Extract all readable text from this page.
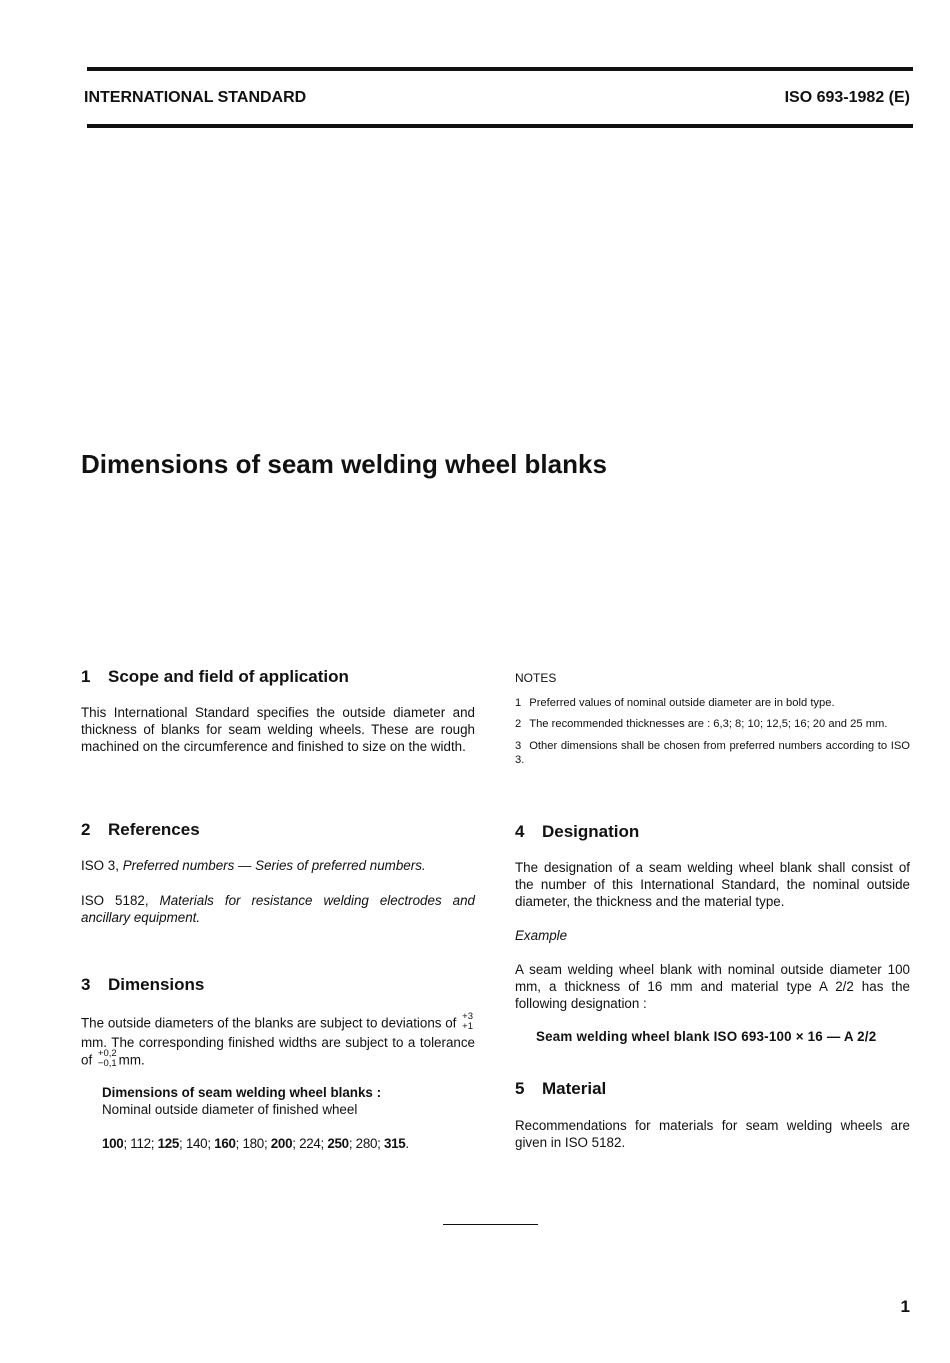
INTERNATIONAL STANDARD	ISO 693-1982 (E)
Dimensions of seam welding wheel blanks
1 Scope and field of application

This International Standard specifies the outside diameter and thickness of blanks for seam welding wheels. These are rough machined on the circumference and finished to size on the width.

2 References

ISO 3, Preferred numbers — Series of preferred numbers.

ISO 5182, Materials for resistance welding electrodes and ancillary equipment.

3 Dimensions

The outside diameters of the blanks are subject to deviations of +3
+1
mm. The corresponding finished widths are subject to a tolerance of +0,2
−0,1 mm.

Dimensions of seam welding wheel blanks :

Nominal outside diameter of finished wheel

100; 112; 125; 140; 160; 180; 200; 224; 250; 280; 315.

NOTES

1 Preferred values of nominal outside diameter are in bold type.

2 The recommended thicknesses are : 6,3; 8; 10; 12,5; 16; 20 and 25 mm.

3 Other dimensions shall be chosen from preferred numbers according to ISO 3.

4 Designation

The designation of a seam welding wheel blank shall consist of the number of this International Standard, the nominal outside diameter, the thickness and the material type.

Example

A seam welding wheel blank with nominal outside diameter 100 mm, a thickness of 16 mm and material type A 2/2 has the following designation :

Seam welding wheel blank ISO 693-100 × 16 — A 2/2

5 Material

Recommendations for materials for seam welding wheels are given in ISO 5182.

1
